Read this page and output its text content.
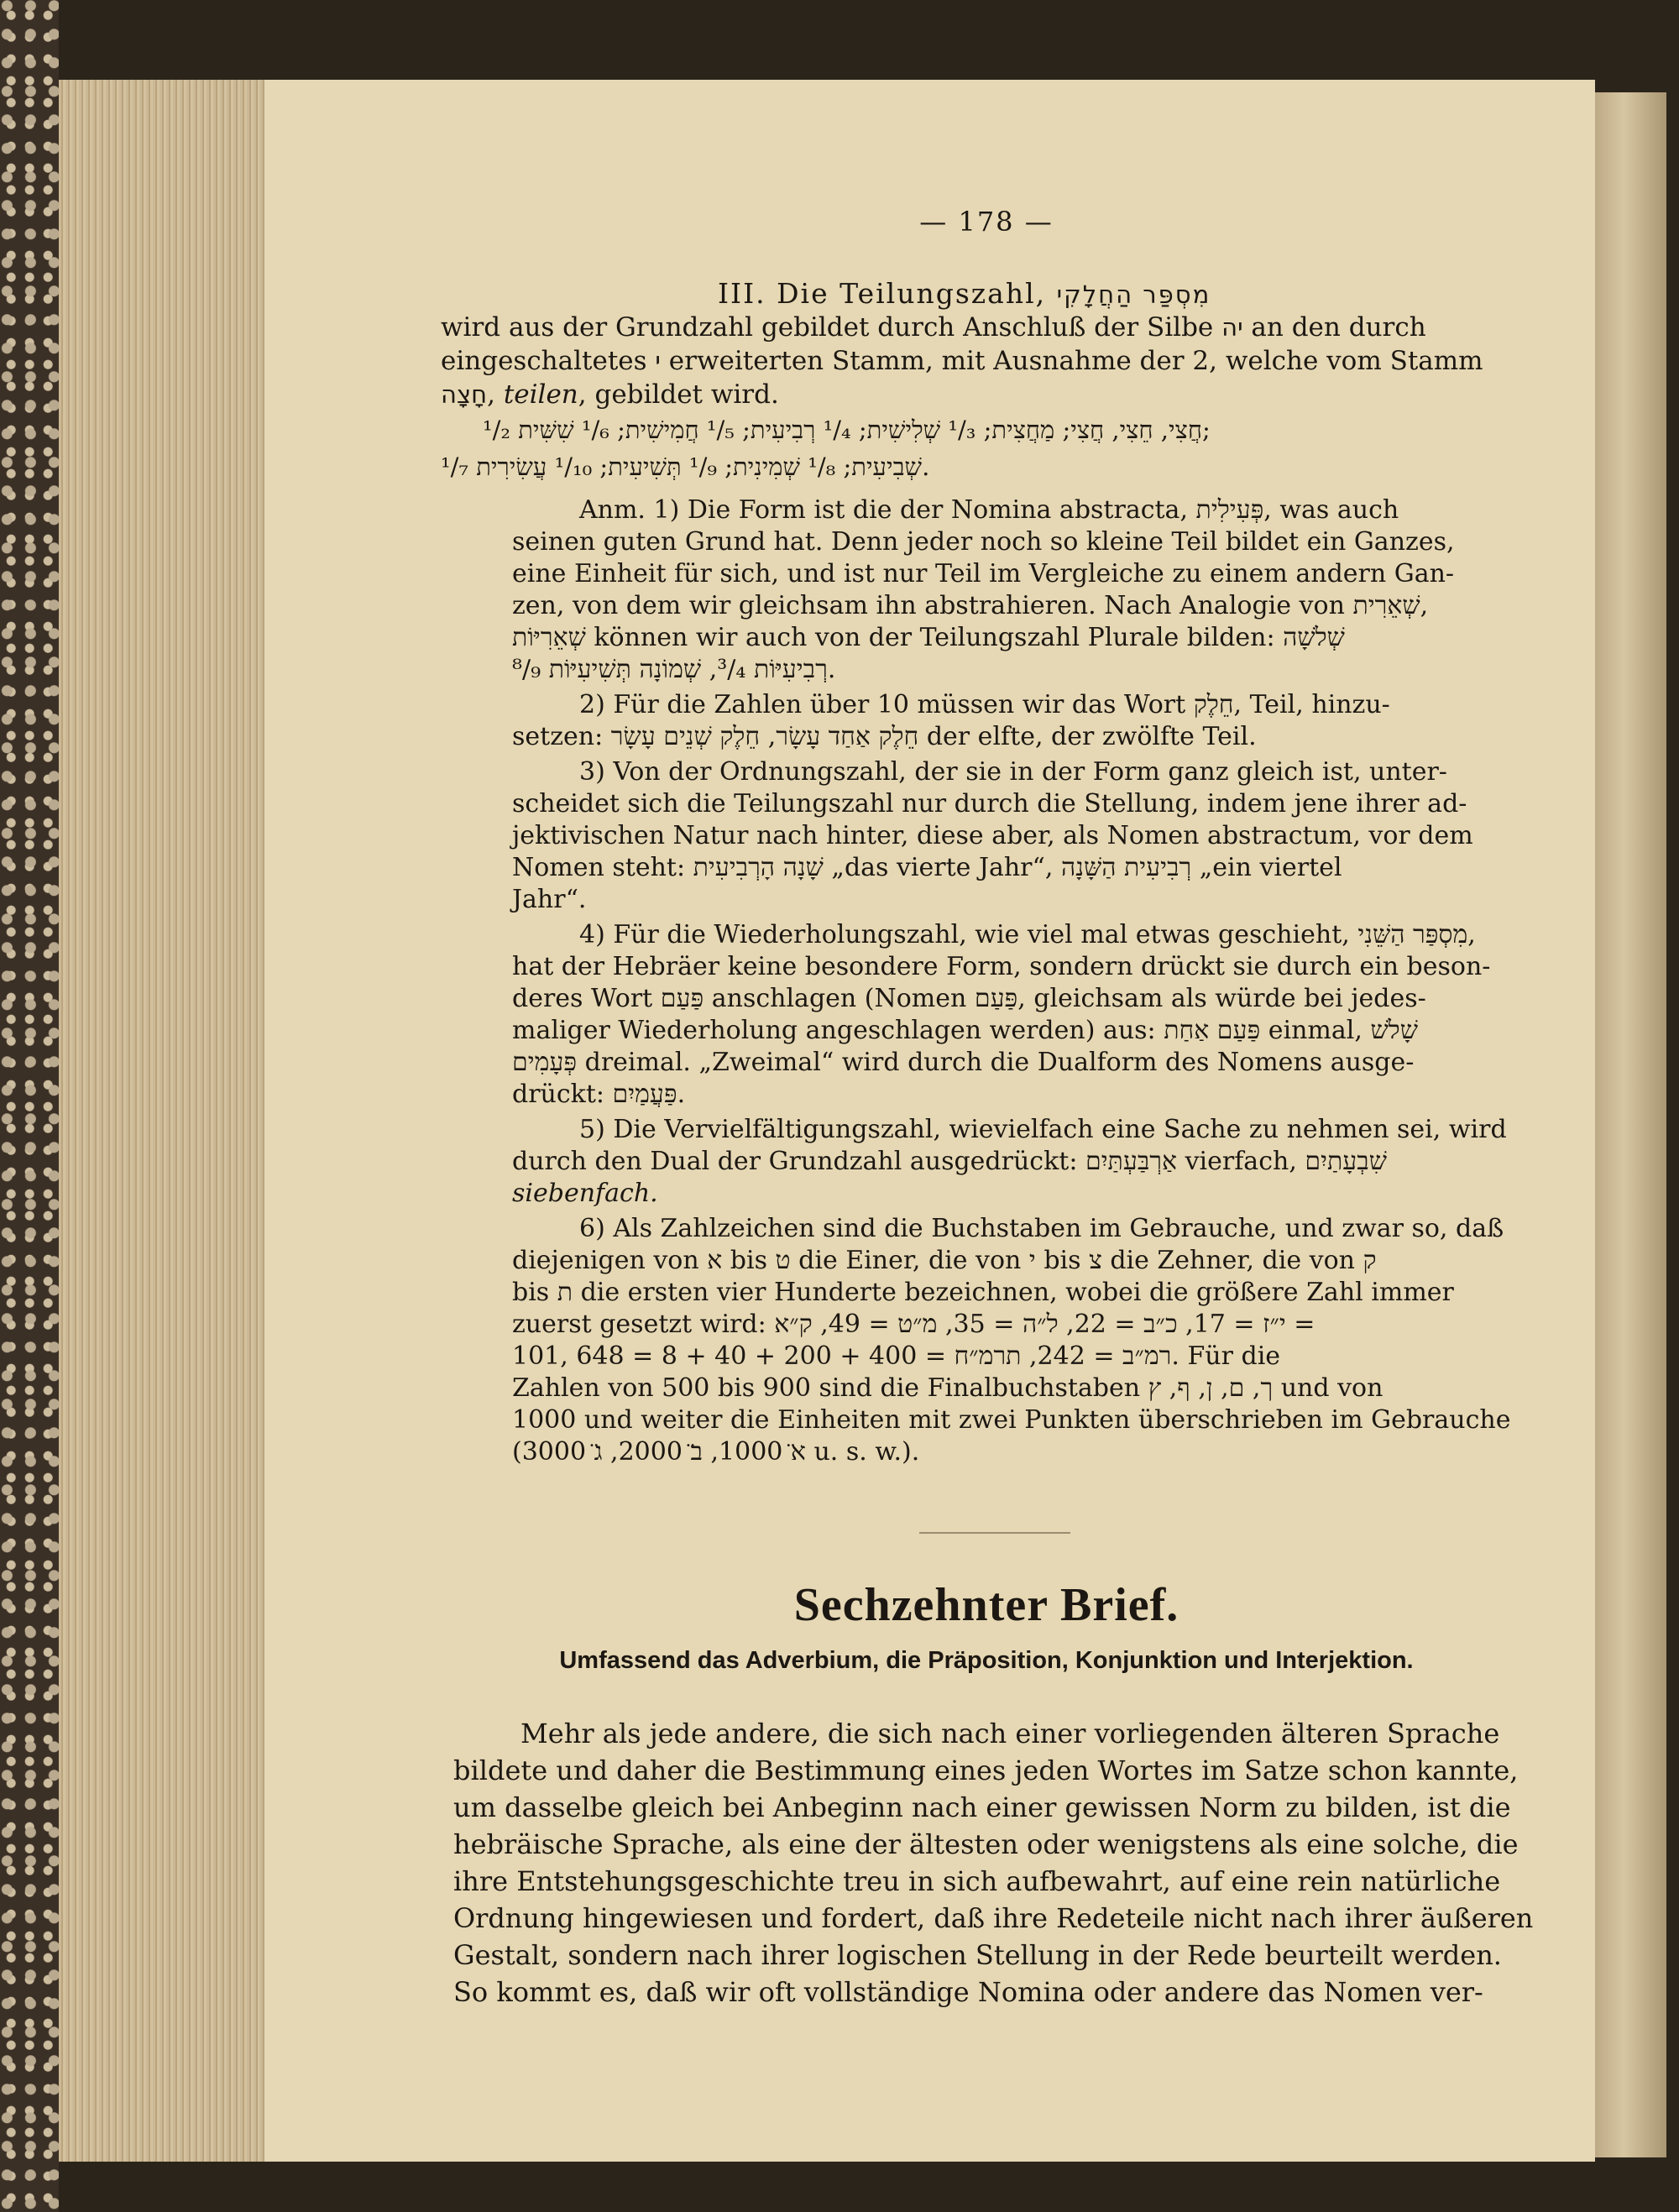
— 178 —
III. Die Teilungszahl, מִסְפַּר הַחֲלָקִי
wird aus der Grundzahl gebildet durch Anschluß der Silbe יה an den durch
eingeschaltetes י erweiterten Stamm, mit Ausnahme der 2, welche vom Stamm
חָצָה, teilen, gebildet wird.
¹/₂ חֲצִי, חֵצִי, חֲצִי; מַחֲצִית; ¹/₃ שְׁלִישִׁית; ¹/₄ רְבִיעִית; ¹/₅ חֲמִישִׁית; ¹/₆ שִׁשִּׁית;
¹/₇ שְׁבִיעִית; ¹/₈ שְׁמִינִית; ¹/₉ תְּשִׁיעִית; ¹/₁₀ עֲשִׂירִית.
Anm. 1) Die Form ist die der Nomina abstracta, פְּעִילִית, was auch
seinen guten Grund hat. Denn jeder noch so kleine Teil bildet ein Ganzes,
eine Einheit für sich, und ist nur Teil im Vergleiche zu einem andern Gan-
zen, von dem wir gleichsam ihn abstrahieren. Nach Analogie von שְׁאֵרִית,
שְׁאֵרִיּוֹת können wir auch von der Teilungszahl Plurale bilden: שְׁלֹשָׁה
רְבִיעִיּוֹת ³/₄, שְׁמוֹנָה תְּשִׁיעִיּוֹת ⁸/₉.
2) Für die Zahlen über 10 müssen wir das Wort חֵלֶק, Teil, hinzu-
setzen: חֵלֶק אַחַד עָשָׂר, חֵלֶק שְׁנֵים עָשָׂר der elfte, der zwölfte Teil.
3) Von der Ordnungszahl, der sie in der Form ganz gleich ist, unter-
scheidet sich die Teilungszahl nur durch die Stellung, indem jene ihrer ad-
jektivischen Natur nach hinter, diese aber, als Nomen abstractum, vor dem
Nomen steht: שָׁנָה הָרְבִיעִית „das vierte Jahr“, רְבִיעִית הַשָּׁנָה „ein viertel
Jahr“.
4) Für die Wiederholungszahl, wie viel mal etwas geschieht, מִסְפַּר הַשֵּׁנִי,
hat der Hebräer keine besondere Form, sondern drückt sie durch ein beson-
deres Wort פַּעַם anschlagen (Nomen פַּעַם, gleichsam als würde bei jedes-
maliger Wiederholung angeschlagen werden) aus: פַּעַם אַחַת einmal, שָׁלֹשׁ
פְּעָמִים dreimal. „Zweimal“ wird durch die Dualform des Nomens ausge-
drückt: פַּעֲמַיִם.
5) Die Vervielfältigungszahl, wievielfach eine Sache zu nehmen sei, wird
durch den Dual der Grundzahl ausgedrückt: אַרְבַּעְתַּיִם vierfach, שִׁבְעָתַיִם
siebenfach.
6) Als Zahlzeichen sind die Buchstaben im Gebrauche, und zwar so, daß
diejenigen von א bis ט die Einer, die von י bis צ die Zehner, die von ק
bis ת die ersten vier Hunderte bezeichnen, wobei die größere Zahl immer
zuerst gesetzt wird: י״ז = 17, כ״ב = 22, ל״ה = 35, מ״ט = 49, ק״א =
101, רמ״ב = 242, תרמ״ח = 400 + 200 + 40 + 8 = 648. Für die
Zahlen von 500 bis 900 sind die Finalbuchstaben ך, ם, ן, ף, ץ und von
1000 und weiter die Einheiten mit zwei Punkten überschrieben im Gebrauche
(א̈ 1000, ב̈ 2000, ג̈ 3000 u. s. w.).
Sechzehnter Brief.
Umfassend das Adverbium, die Präposition, Konjunktion und Interjektion.
Mehr als jede andere, die sich nach einer vorliegenden älteren Sprache
bildete und daher die Bestimmung eines jeden Wortes im Satze schon kannte,
um dasselbe gleich bei Anbeginn nach einer gewissen Norm zu bilden, ist die
hebräische Sprache, als eine der ältesten oder wenigstens als eine solche, die
ihre Entstehungsgeschichte treu in sich aufbewahrt, auf eine rein natürliche
Ordnung hingewiesen und fordert, daß ihre Redeteile nicht nach ihrer äußeren
Gestalt, sondern nach ihrer logischen Stellung in der Rede beurteilt werden.
So kommt es, daß wir oft vollständige Nomina oder andere das Nomen ver-
